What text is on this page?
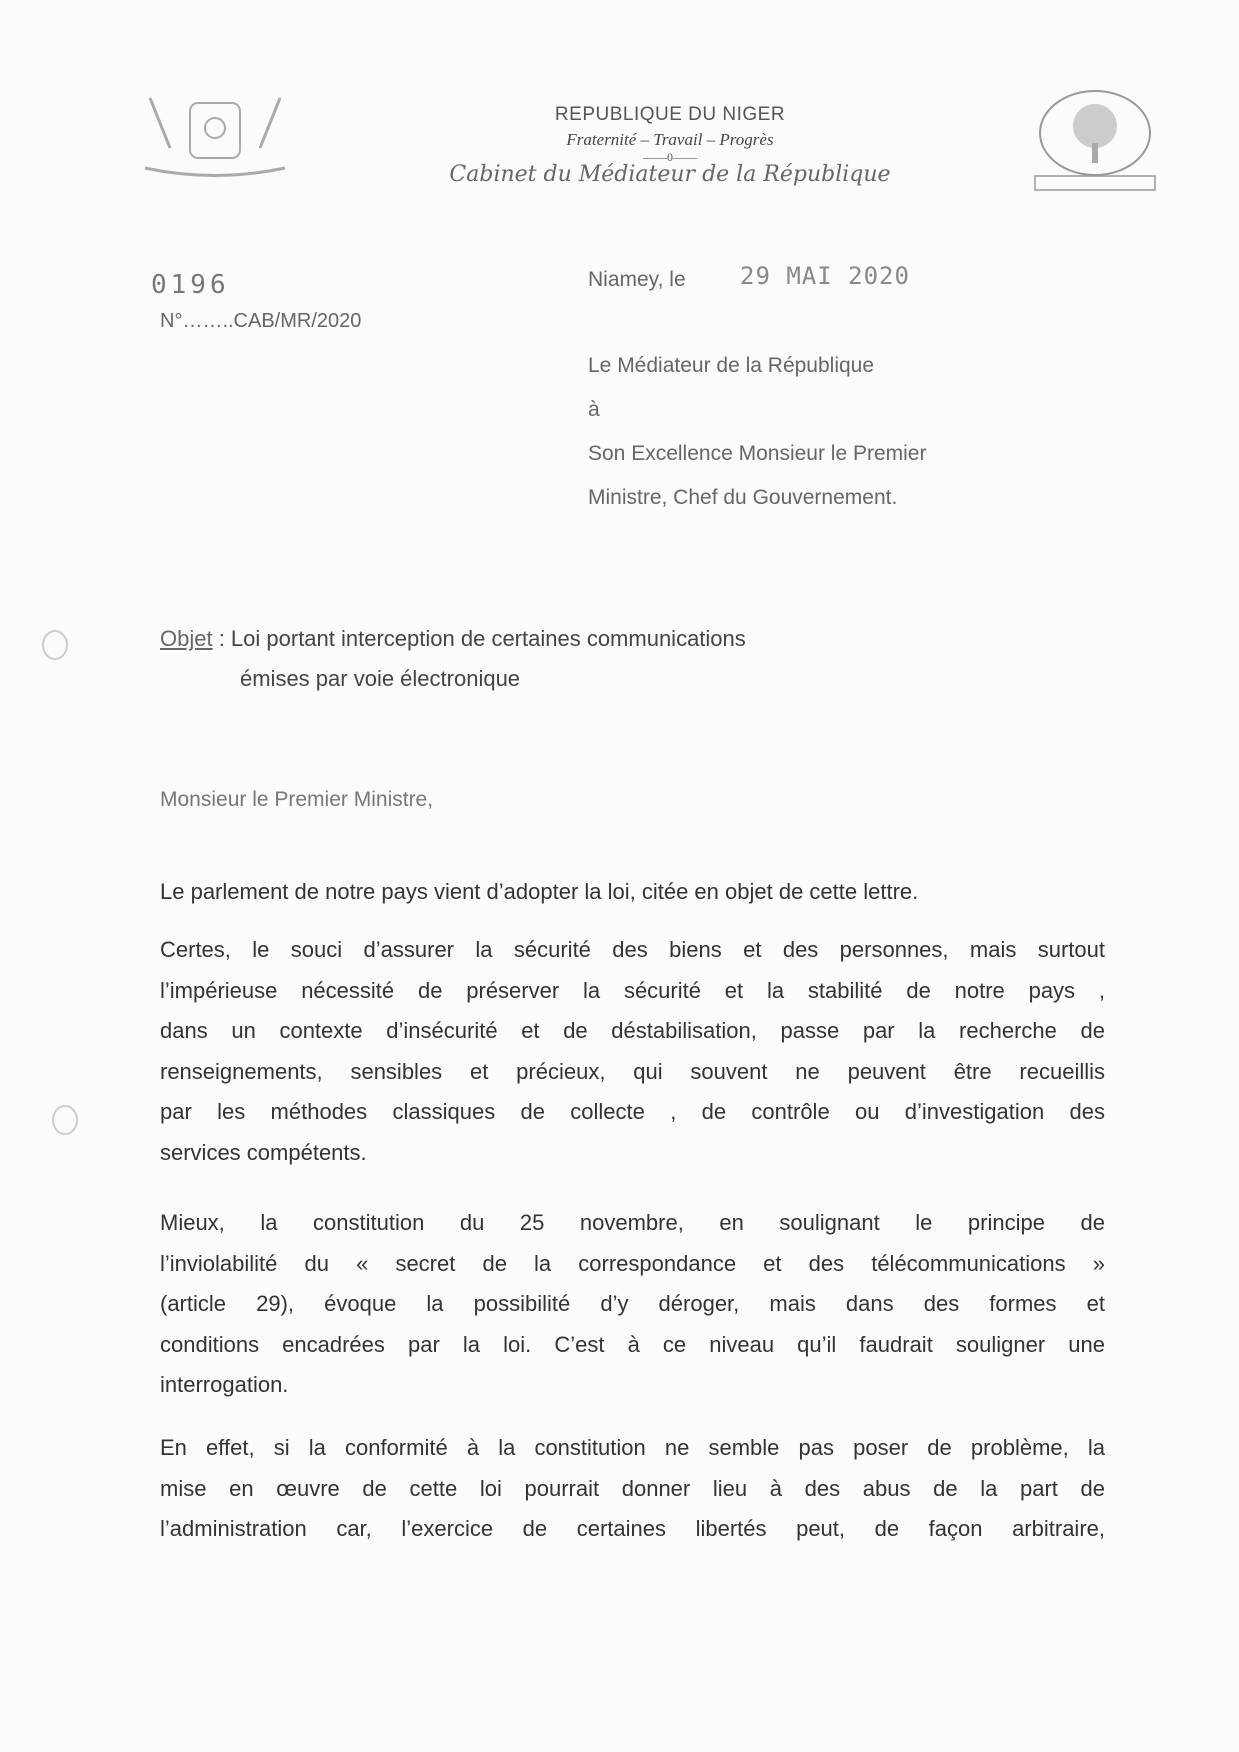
REPUBLIQUE DU NIGER
Fraternité – Travail – Progrès
——0——
Cabinet du Médiateur de la République
0196
N°……..CAB/MR/2020
Niamey, le 29 MAI 2020
Le Médiateur de la République
à
Son Excellence Monsieur le Premier
Ministre, Chef du Gouvernement.
Objet : Loi portant interception de certaines communications
émises par voie électronique
Monsieur le Premier Ministre,
Le parlement de notre pays vient d’adopter la loi, citée en objet de cette lettre.
Certes, le souci d’assurer la sécurité des biens et des personnes, mais surtout
l’impérieuse nécessité de préserver la sécurité et la stabilité de notre pays ,
dans un contexte d’insécurité et de déstabilisation, passe par la recherche de
renseignements, sensibles et précieux, qui souvent ne peuvent être recueillis
par les méthodes classiques de collecte , de contrôle ou d’investigation des
services compétents.
Mieux, la constitution du 25 novembre, en soulignant le principe de
l’inviolabilité du « secret de la correspondance et des télécommunications »
(article 29), évoque la possibilité d’y déroger, mais dans des formes et
conditions encadrées par la loi. C’est à ce niveau qu’il faudrait souligner une
interrogation.
En effet, si la conformité à la constitution ne semble pas poser de problème, la
mise en œuvre de cette loi pourrait donner lieu à des abus de la part de
l’administration car, l’exercice de certaines libertés peut, de façon arbitraire,
